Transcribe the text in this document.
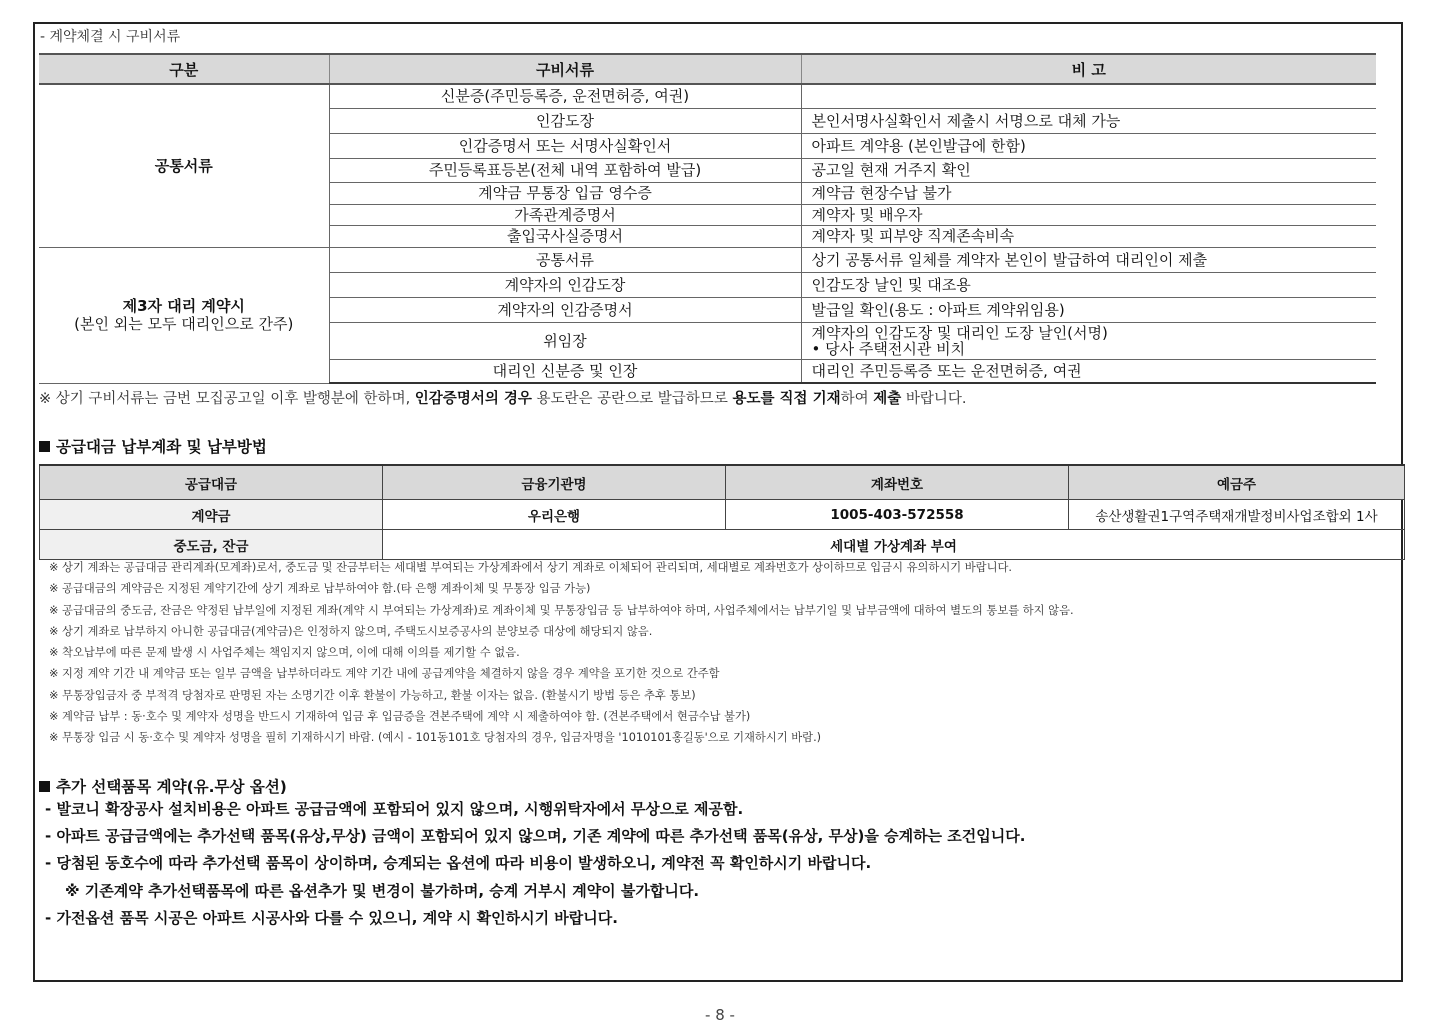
- 계약체결 시 구비서류
구분	구비서류	비 고
공통서류	신분증(주민등록증, 운전면허증, 여권)	
	인감도장	본인서명사실확인서 제출시 서명으로 대체 가능
	인감증명서 또는 서명사실확인서	아파트 계약용 (본인발급에 한함)
	주민등록표등본(전체 내역 포함하여 발급)	공고일 현재 거주지 확인
	계약금 무통장 입금 영수증	계약금 현장수납 불가
	가족관계증명서	계약자 및 배우자
	출입국사실증명서	계약자 및 피부양 직계존속비속

제3자 대리 계약시
(본인 외는 모두 대리인으로 간주)	공통서류	상기 공통서류 일체를 계약자 본인이 발급하여 대리인이 제출
	계약자의 인감도장	인감도장 날인 및 대조용
	계약자의 인감증명서	발급일 확인(용도 : 아파트 계약위임용)
	위임장	계약자의 인감도장 및 대리인 도장 날인(서명)
• 당사 주택전시관 비치

	대리인 신분증 및 인장	대리인 주민등록증 또는 운전면허증, 여권
※ 상기 구비서류는 금번 모집공고일 이후 발행분에 한하며, 인감증명서의 경우 용도란은 공란으로 발급하므로 용도를 직접 기재하여 제출 바랍니다.
공급대금 납부계좌 및 납부방법
공급대금	금융기관명	계좌번호	예금주
계약금	우리은행	1005-403-572558	송산생활권1구역주택재개발정비사업조합외 1사
중도금, 잔금	세대별 가상계좌 부여		
※ 상기 계좌는 공급대금 관리계좌(모계좌)로서, 중도금 및 잔금부터는 세대별 부여되는 가상계좌에서 상기 계좌로 이체되어 관리되며, 세대별로 계좌번호가 상이하므로 입금시 유의하시기 바랍니다.
※ 공급대금의 계약금은 지정된 계약기간에 상기 계좌로 납부하여야 함.(타 은행 계좌이체 및 무통장 입금 가능)
※ 공급대금의 중도금, 잔금은 약정된 납부일에 지정된 계좌(계약 시 부여되는 가상계좌)로 계좌이체 및 무통장입금 등 납부하여야 하며, 사업주체에서는 납부기일 및 납부금액에 대하여 별도의 통보를 하지 않음.
※ 상기 계좌로 납부하지 아니한 공급대금(계약금)은 인정하지 않으며, 주택도시보증공사의 분양보증 대상에 해당되지 않음.
※ 착오납부에 따른 문제 발생 시 사업주체는 책임지지 않으며, 이에 대해 이의를 제기할 수 없음.
※ 지정 계약 기간 내 계약금 또는 일부 금액을 납부하더라도 계약 기간 내에 공급계약을 체결하지 않을 경우 계약을 포기한 것으로 간주함
※ 무통장입금자 중 부적격 당첨자로 판명된 자는 소명기간 이후 환불이 가능하고, 환불 이자는 없음. (환불시기 방법 등은 추후 통보)
※ 계약금 납부 : 동·호수 및 계약자 성명을 반드시 기재하여 입금 후 입금증을 견본주택에 계약 시 제출하여야 함. (견본주택에서 현금수납 불가)
※ 무통장 입금 시 동·호수 및 계약자 성명을 필히 기재하시기 바람. (예시 - 101동101호 당첨자의 경우, 입금자명을 '1010101홍길동'으로 기재하시기 바람.)
추가 선택품목 계약(유.무상 옵션)
- 발코니 확장공사 설치비용은 아파트 공급금액에 포함되어 있지 않으며, 시행위탁자에서 무상으로 제공함.
- 아파트 공급금액에는 추가선택 품목(유상,무상) 금액이 포함되어 있지 않으며, 기존 계약에 따른 추가선택 품목(유상, 무상)을 승계하는 조건입니다.
- 당첨된 동호수에 따라 추가선택 품목이 상이하며, 승계되는 옵션에 따라 비용이 발생하오니, 계약전 꼭 확인하시기 바랍니다.
※ 기존계약 추가선택품목에 따른 옵션추가 및 변경이 불가하며, 승계 거부시 계약이 불가합니다.
- 가전옵션 품목 시공은 아파트 시공사와 다를 수 있으니, 계약 시 확인하시기 바랍니다.
- 8 -
